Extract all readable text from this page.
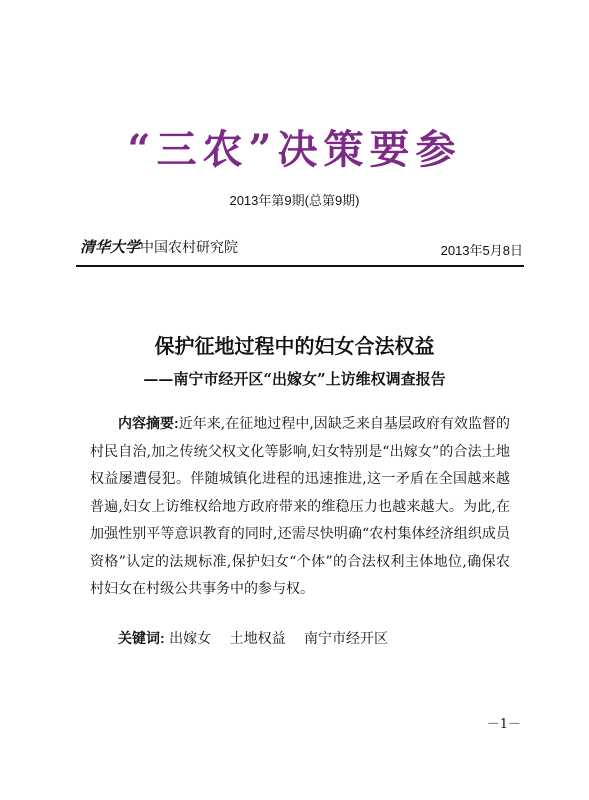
“三农”决策要参
2013年第9期(总第9期)
清华大学中国农村研究院	2013年5月8日
保护征地过程中的妇女合法权益
——南宁市经开区“出嫁女”上访维权调查报告
内容摘要:近年来,在征地过程中,因缺乏来自基层政府有效监督的村民自治,加之传统父权文化等影响,妇女特别是“出嫁女”的合法土地权益屡遭侵犯。伴随城镇化进程的迅速推进,这一矛盾在全国越来越普遍,妇女上访维权给地方政府带来的维稳压力也越来越大。为此,在加强性别平等意识教育的同时,还需尽快明确“农村集体经济组织成员资格”认定的法规标准,保护妇女“个体”的合法权利主体地位,确保农村妇女在村级公共事务中的参与权。
关键词: 出嫁女 土地权益 南宁市经开区
－1－
